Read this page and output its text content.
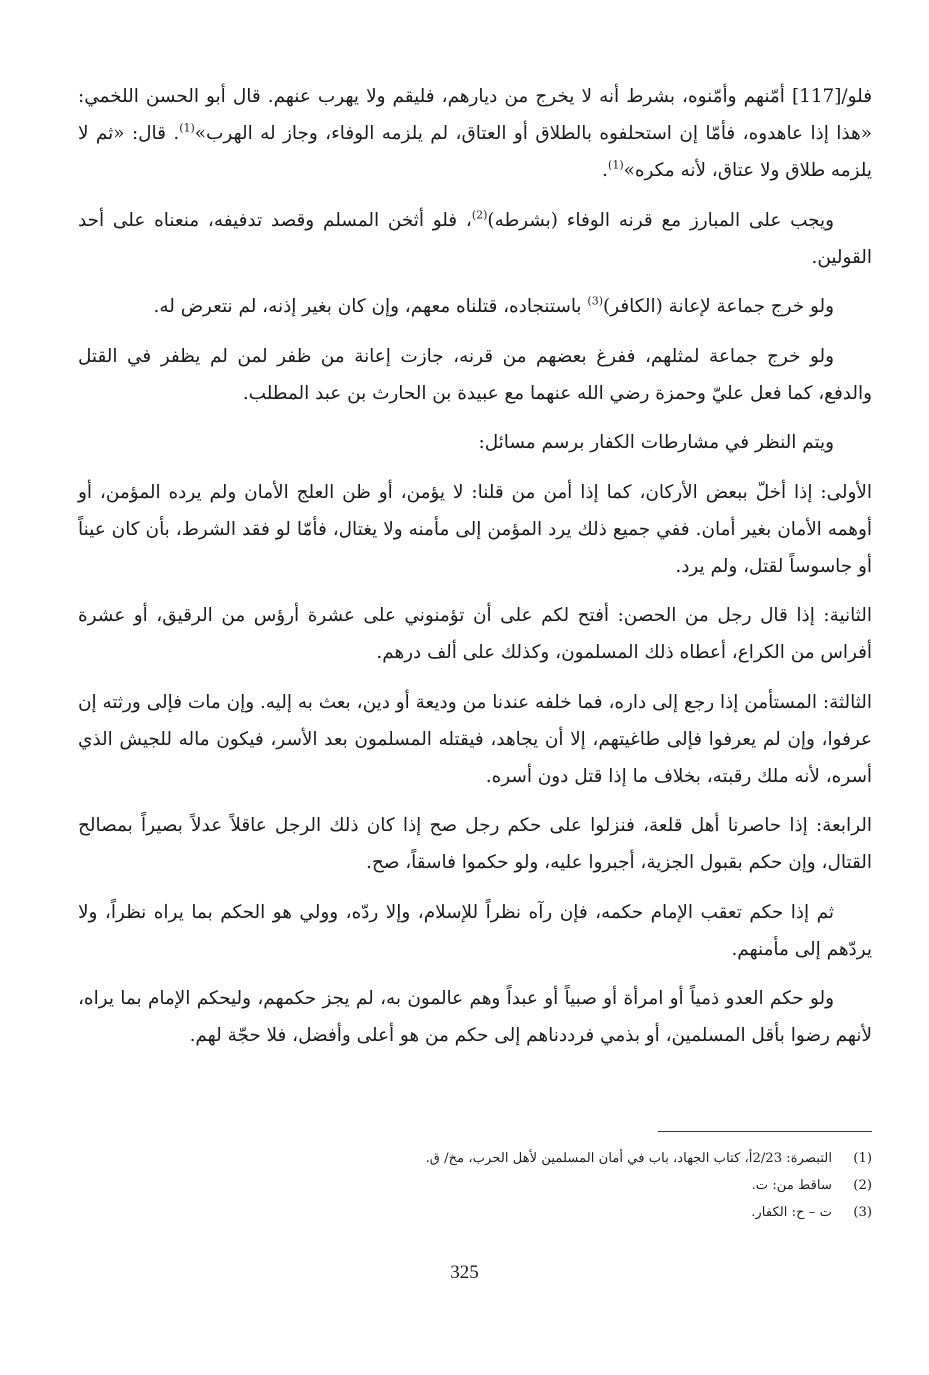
فلو/[117] أمّنهم وأمّنوه، بشرط أنه لا يخرج من ديارهم، فليقم ولا يهرب عنهم. قال أبو الحسن اللخمي: «هذا إذا عاهدوه، فأمّا إن استحلفوه بالطلاق أو العتاق، لم يلزمه الوفاء، وجاز له الهرب»$^{(1)}$. قال: «ثم لا يلزمه طلاق ولا عتاق، لأنه مكره»$^{(1)}$.

ويجب على المبارز مع قرنه الوفاء (بشرطه)$^{(2)}$، فلو أثخن المسلم وقصد تدفيفه، منعناه على أحد القولين.

ولو خرج جماعة لإعانة (الكافر)$^{(3)}$ باستنجاده، قتلناه معهم، وإن كان بغير إذنه، لم نتعرض له.

ولو خرج جماعة لمثلهم، ففرغ بعضهم من قرنه، جازت إعانة من ظفر لمن لم يظفر في القتل والدفع، كما فعل عليّ وحمزة رضي الله عنهما مع عبيدة بن الحارث بن عبد المطلب.

ويتم النظر في مشارطات الكفار برسم مسائل:

الأولى: إذا أخلّ ببعض الأركان، كما إذا أمن من قلنا: لا يؤمن، أو ظن العلج الأمان ولم يرده المؤمن، أو أوهمه الأمان بغير أمان. ففي جميع ذلك يرد المؤمن إلى مأمنه ولا يغتال، فأمّا لو فقد الشرط، بأن كان عيناً أو جاسوساً لقتل، ولم يرد.

الثانية: إذا قال رجل من الحصن: أفتح لكم على أن تؤمنوني على عشرة أرؤس من الرقيق، أو عشرة أفراس من الكراع، أعطاه ذلك المسلمون، وكذلك على ألف درهم.

الثالثة: المستأمن إذا رجع إلى داره، فما خلفه عندنا من وديعة أو دين، بعث به إليه. وإن مات فإلى ورثته إن عرفوا، وإن لم يعرفوا فإلى طاغيتهم، إلا أن يجاهد، فيقتله المسلمون بعد الأسر، فيكون ماله للجيش الذي أسره، لأنه ملك رقبته، بخلاف ما إذا قتل دون أسره.

الرابعة: إذا حاصرنا أهل قلعة، فنزلوا على حكم رجل صح إذا كان ذلك الرجل عاقلاً عدلاً بصيراً بمصالح القتال، وإن حكم بقبول الجزية، أجبروا عليه، ولو حكموا فاسقاً، صح.

ثم إذا حكم تعقب الإمام حكمه، فإن رآه نظراً للإسلام، وإلا ردّه، وولي هو الحكم بما يراه نظراً، ولا يردّهم إلى مأمنهم.

ولو حكم العدو ذمياً أو امرأة أو صبياً أو عبداً وهم عالمون به، لم يجز حكمهم، وليحكم الإمام بما يراه، لأنهم رضوا بأقل المسلمين، أو بذمي فرددناهم إلى حكم من هو أعلى وأفضل، فلا حجّة لهم.

(1)التبصرة: 2/23أ، كتاب الجهاد، باب في أمان المسلمين لأهل الحرب، مخ/ ق.
(2)ساقط من: ت.
(3)ت – ح: الكفار.
325
